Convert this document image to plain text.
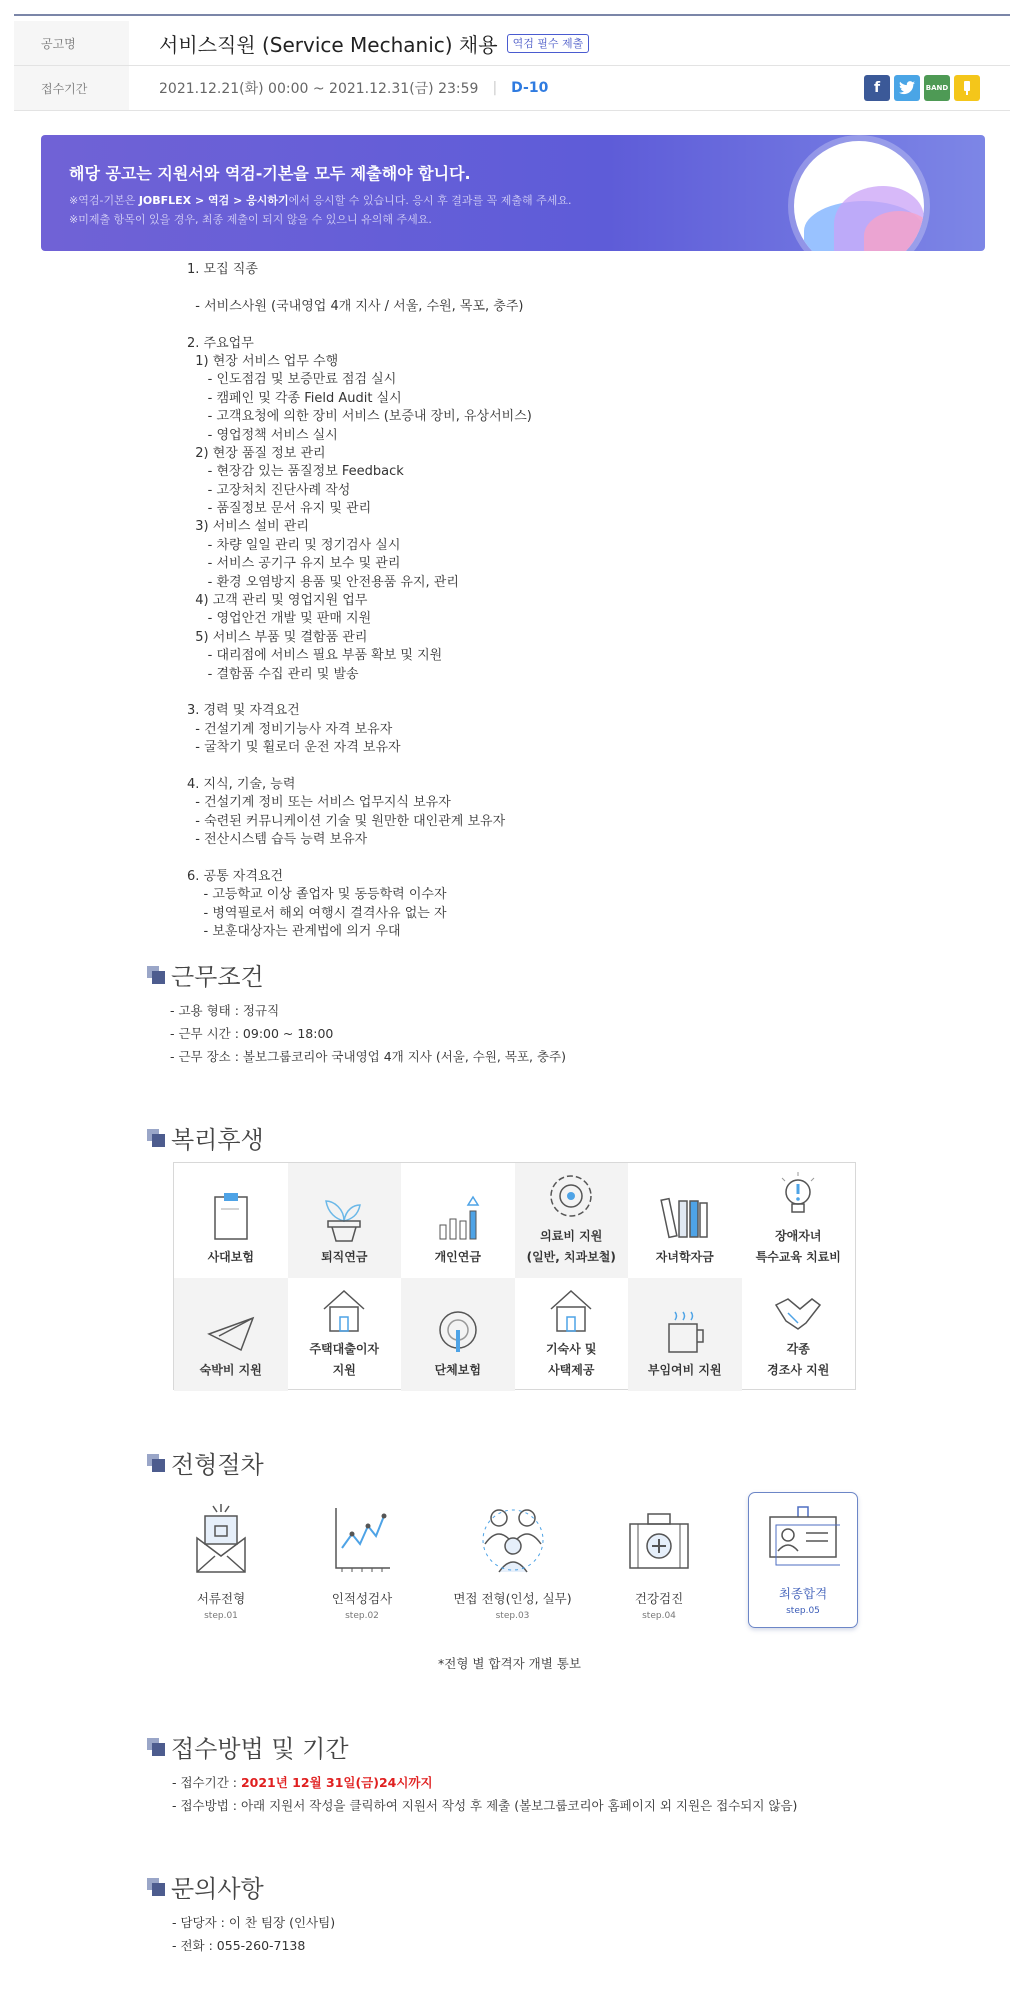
공고명	서비스직원 (Service Mechanic) 채용	역검 필수 제출
접수기간	2021.12.21(화) 00:00 ~ 2021.12.31(금) 23:59 | D-10	f	BAND
해당 공고는 지원서와 역검-기본을 모두 제출해야 합니다.
※역검-기본은 JOBFLEX > 역검 > 응시하기에서 응시할 수 있습니다. 응시 후 결과를 꼭 제출해 주세요.
※미제출 항목이 있을 경우, 최종 제출이 되지 않을 수 있으니 유의해 주세요.
1. 모집 직종
- 서비스사원 (국내영업 4개 지사 / 서울, 수원, 목포, 충주)
2. 주요업무
1) 현장 서비스 업무 수행
- 인도점검 및 보증만료 점검 실시
- 캠페인 및 각종 Field Audit 실시
- 고객요청에 의한 장비 서비스 (보증내 장비, 유상서비스)
- 영업정책 서비스 실시
2) 현장 품질 정보 관리
- 현장감 있는 품질정보 Feedback
- 고장처치 진단사례 작성
- 품질정보 문서 유지 및 관리
3) 서비스 설비 관리
- 차량 일일 관리 및 정기검사 실시
- 서비스 공기구 유지 보수 및 관리
- 환경 오염방지 용품 및 안전용품 유지, 관리
4) 고객 관리 및 영업지원 업무
- 영업안건 개발 및 판매 지원
5) 서비스 부품 및 결함품 관리
- 대리점에 서비스 필요 부품 확보 및 지원
- 결함품 수집 관리 및 발송
3. 경력 및 자격요건
- 건설기계 정비기능사 자격 보유자
- 굴착기 및 휠로더 운전 자격 보유자
4. 지식, 기술, 능력
- 건설기계 정비 또는 서비스 업무지식 보유자
- 숙련된 커뮤니케이션 기술 및 원만한 대인관계 보유자
- 전산시스템 습득 능력 보유자
6. 공통 자격요건
- 고등학교 이상 졸업자 및 동등학력 이수자
- 병역필로서 해외 여행시 결격사유 없는 자
- 보훈대상자는 관계법에 의거 우대
근무조건
- 고용 형태 : 정규직
- 근무 시간 : 09:00 ~ 18:00
- 근무 장소 : 볼보그룹코리아 국내영업 4개 지사 (서울, 수원, 목포, 충주)
복리후생
사대보험	퇴직연금	개인연금
의료비 지원
(일반, 치과보철)	자녀학자금
장애자녀
특수교육 치료비
숙박비 지원
주택대출이자
지원	단체보험
기숙사 및
사택제공	부임여비 지원
각종
경조사 지원
전형절차
서류전형
step.01
인적성검사
step.02
면접 전형(인성, 실무)
step.03
건강검진
step.04
최종합격
step.05
*전형 별 합격자 개별 통보
접수방법 및 기간
- 접수기간 : 2021년 12월 31일(금)24시까지
- 접수방법 : 아래 지원서 작성을 클릭하여 지원서 작성 후 제출 (볼보그룹코리아 홈페이지 외 지원은 접수되지 않음)
문의사항
- 담당자 : 이 찬 팀장 (인사팀)
- 전화 : 055-260-7138
